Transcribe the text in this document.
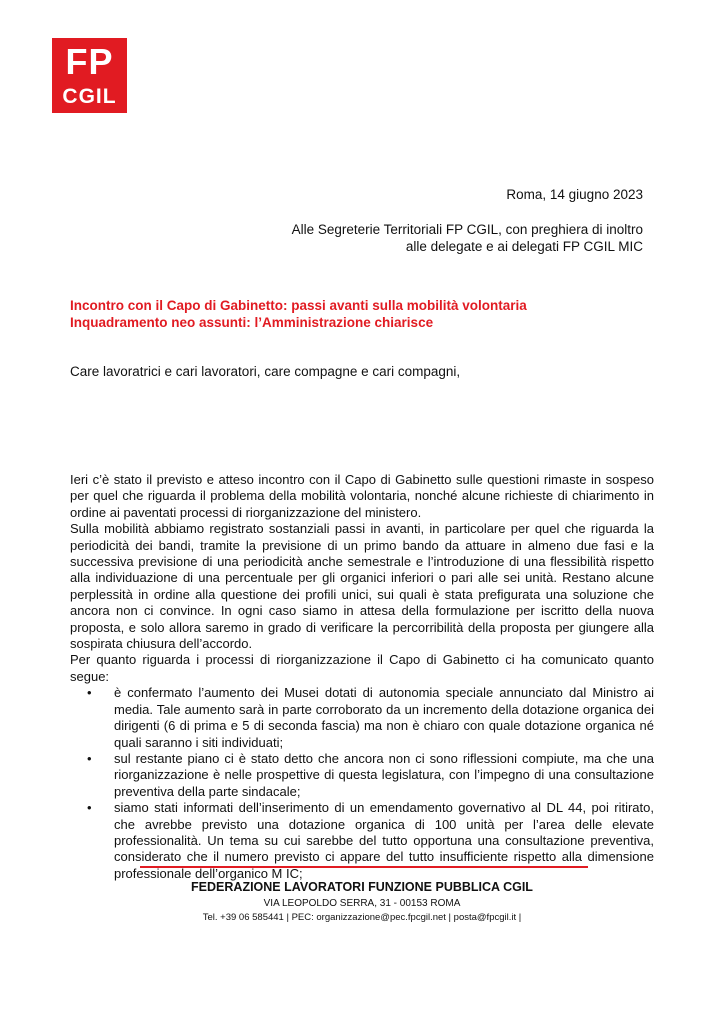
FP
CGIL
Roma, 14 giugno 2023
Alle Segreterie Territoriali FP CGIL, con preghiera di inoltro
alle delegate e ai delegati FP CGIL MIC
Incontro con il Capo di Gabinetto: passi avanti sulla mobilità volontaria
Inquadramento neo assunti: l’Amministrazione chiarisce
Care lavoratrici e cari lavoratori, care compagne e cari compagni,

Ieri c’è stato il previsto e atteso incontro con il Capo di Gabinetto sulle questioni rimaste in sospeso per quel che riguarda il problema della mobilità volontaria, nonché alcune richieste di chiarimento in ordine ai paventati processi di riorganizzazione del ministero.

Sulla mobilità abbiamo registrato sostanziali passi in avanti, in particolare per quel che riguarda la periodicità dei bandi, tramite la previsione di un primo bando da attuare in almeno due fasi e la successiva previsione di una periodicità anche semestrale e l’introduzione di una flessibilità rispetto alla individuazione di una percentuale per gli organici inferiori o pari alle sei unità. Restano alcune perplessità in ordine alla questione dei profili unici, sui quali è stata prefigurata una soluzione che ancora non ci convince. In ogni caso siamo in attesa della formulazione per iscritto della nuova proposta, e solo allora saremo in grado di verificare la percorribilità della proposta per giungere alla sospirata chiusura dell’accordo.

Per quanto riguarda i processi di riorganizzazione il Capo di Gabinetto ci ha comunicato quanto segue:

• è confermato l’aumento dei Musei dotati di autonomia speciale annunciato dal Ministro ai media. Tale aumento sarà in parte corroborato da un incremento della dotazione organica dei dirigenti (6 di prima e 5 di seconda fascia) ma non è chiaro con quale dotazione organica né quali saranno i siti individuati;
• sul restante piano ci è stato detto che ancora non ci sono riflessioni compiute, ma che una riorganizzazione è nelle prospettive di questa legislatura, con l’impegno di una consultazione preventiva della parte sindacale;
• siamo stati informati dell’inserimento di un emendamento governativo al DL 44, poi ritirato, che avrebbe previsto una dotazione organica di 100 unità per l’area delle elevate professionalità. Un tema su cui sarebbe del tutto opportuna una consultazione preventiva, considerato che il numero previsto ci appare del tutto insufficiente rispetto alla dimensione professionale dell’organico M IC;
FEDERAZIONE LAVORATORI FUNZIONE PUBBLICA CGIL
VIA LEOPOLDO SERRA, 31 - 00153 ROMA
Tel. +39 06 585441 | PEC: organizzazione@pec.fpcgil.net | posta@fpcgil.it |
